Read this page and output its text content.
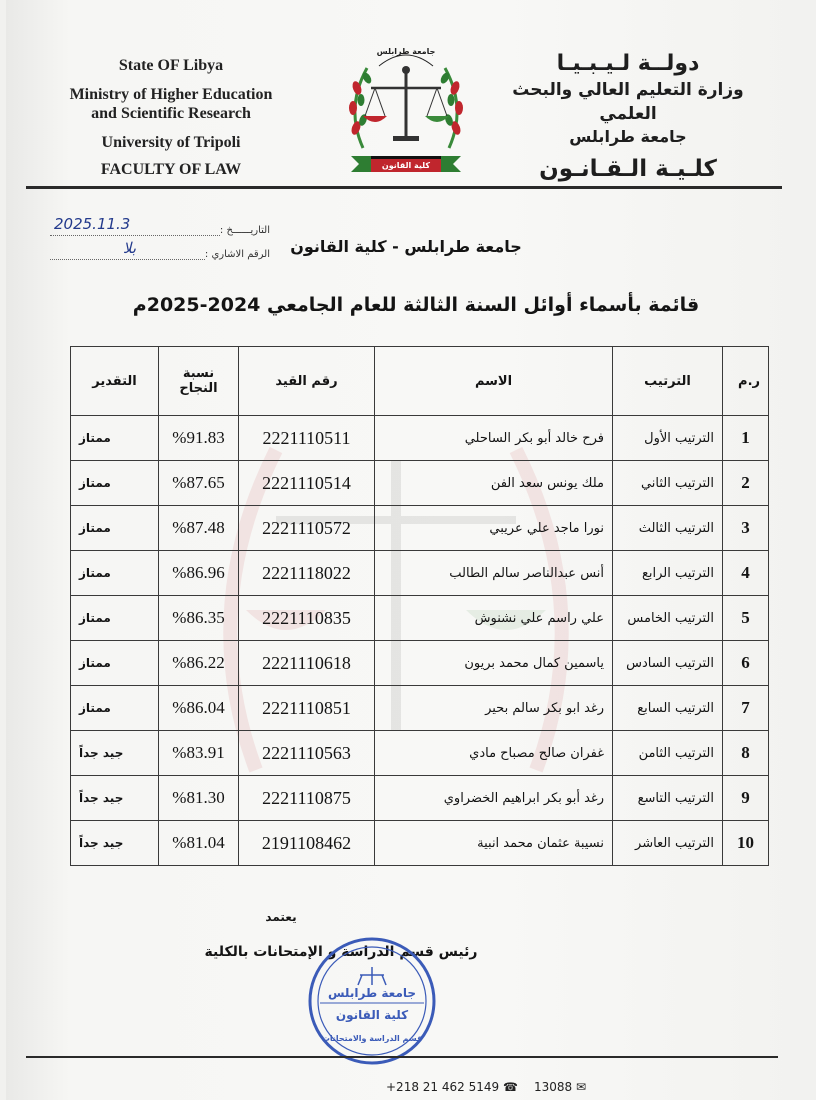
State OF Libya
Ministry of Higher Education
and Scientific Research
University of Tripoli
FACULTY OF LAW
جامعة طرابلس
كلية القانون
دولــة لـيـبـيـا
وزارة التعليم العالي والبحث العلمي
جامعة طرابلس
كلـيـة الـقـانـون
التاريــــــخ :
2025.11.3
الرقم الاشاري :
بلا	جامعة طرابلس - كلية القانون
قائمة بأسماء أوائل السنة الثالثة للعام الجامعي 2024-2025م
ر.م	الترتيب	الاسم	رقم القيد	نسبة النجاح	التقدير
1	الترتيب الأول	فرح خالد أبو بكر الساحلي	2221110511	%91.83	ممتاز
2	الترتيب الثاني	ملك يونس سعد الفن	2221110514	%87.65	ممتاز
3	الترتيب الثالث	نورا ماجد علي عريبي	2221110572	%87.48	ممتاز
4	الترتيب الرابع	أنس عبدالناصر سالم الطالب	2221118022	%86.96	ممتاز
5	الترتيب الخامس	علي راسم علي نشنوش	2221110835	%86.35	ممتاز
6	الترتيب السادس	ياسمين كمال محمد بريون	2221110618	%86.22	ممتاز
7	الترتيب السابع	رغد ابو بكر سالم بحير	2221110851	%86.04	ممتاز
8	الترتيب الثامن	غفران صالح مصباح مادي	2221110563	%83.91	جيد جداً
9	الترتيب التاسع	رغد أبو بكر ابراهيم الخضراوي	2221110875	%81.30	جيد جداً
10	الترتيب العاشر	نسيبة عثمان محمد انبية	2191108462	%81.04	جيد جداً
يعتمد
رئيس قسم الدراسة و الإمتحانات بالكلية
جامعة طرابلس
كلية القانون
قسم الدراسة والامتحانات
+218 21 462 5149 ☎ 13088 ✉
